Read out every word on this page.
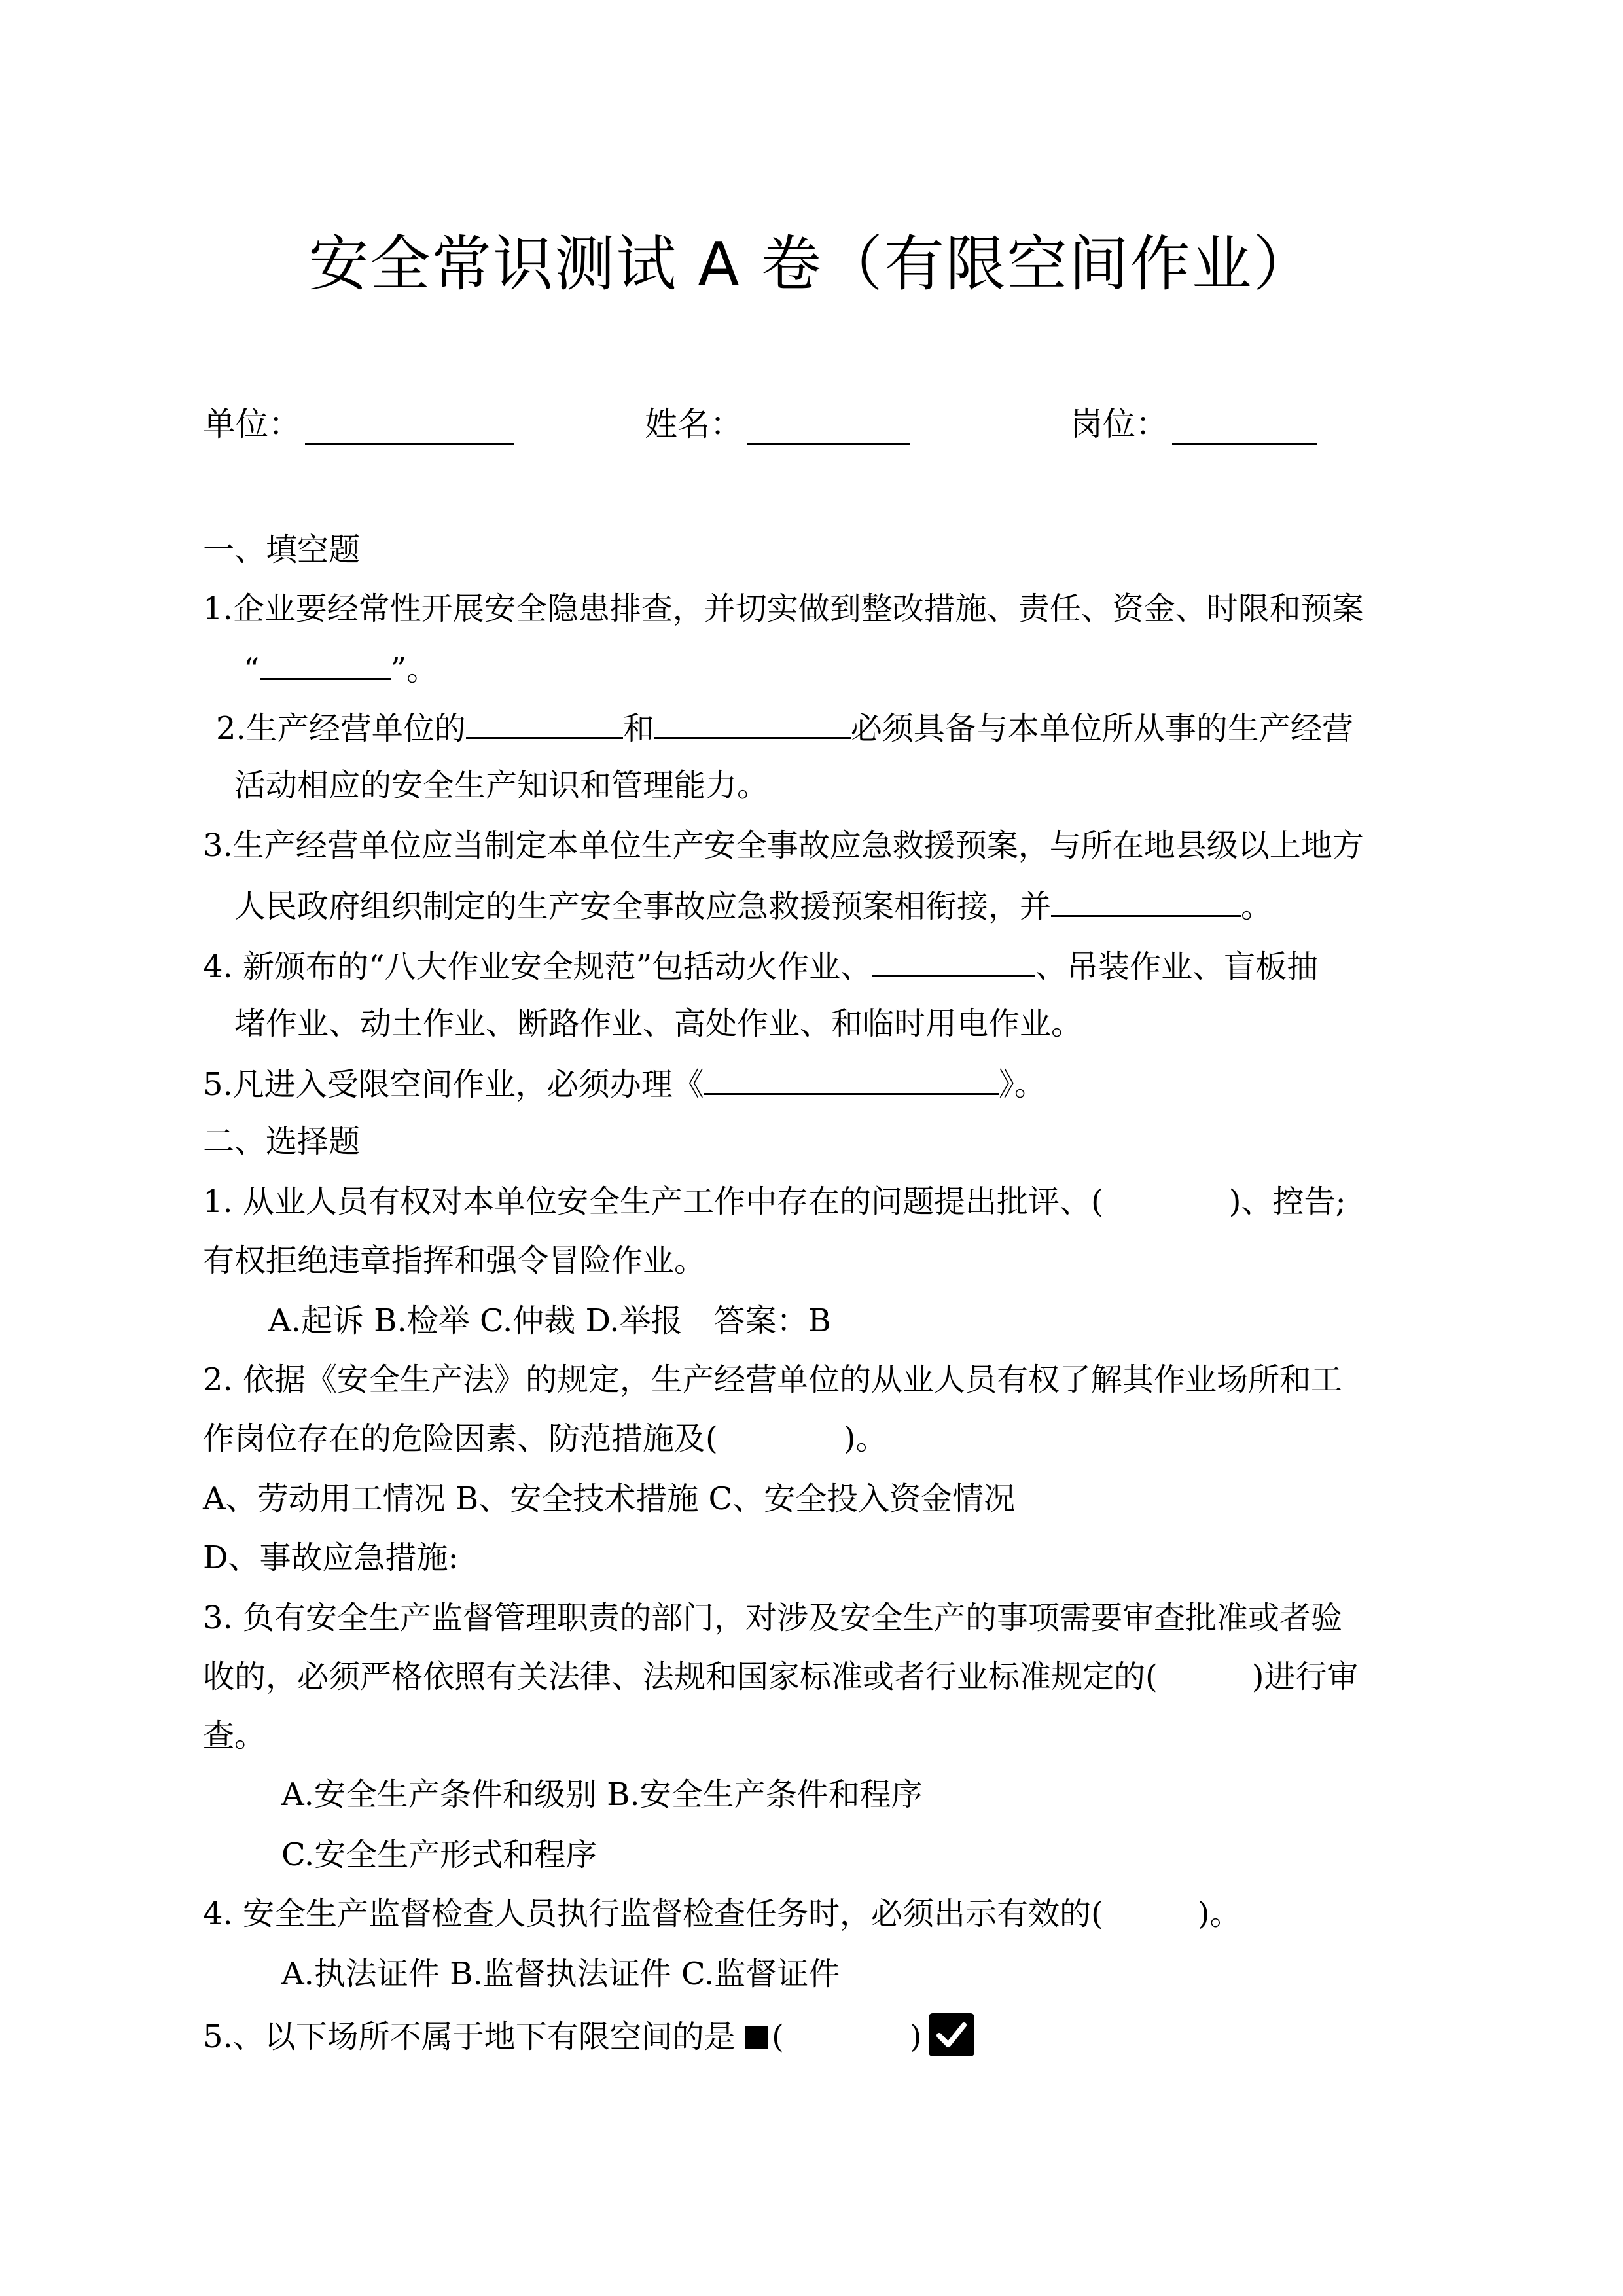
安全常识测试 A 卷（有限空间作业）
单位：	姓名：	岗位：
一、填空题
1.企业要经常性开展安全隐患排查，并切实做到整改措施、责任、资金、时限和预案
“	”。
2.生产经营单位的	和	必须具备与本单位所从事的生产经营
活动相应的安全生产知识和管理能力。
3.生产经营单位应当制定本单位生产安全事故应急救援预案，与所在地县级以上地方
人民政府组织制定的生产安全事故应急救援预案相衔接，并	。
4. 新颁布的“八大作业安全规范”包括动火作业、	、吊装作业、盲板抽
堵作业、动土作业、断路作业、高处作业、和临时用电作业。
5.凡进入受限空间作业，必须办理《	》。
二、选择题
1. 从业人员有权对本单位安全生产工作中存在的问题提出批评、(　　　　)、控告;
有权拒绝违章指挥和强令冒险作业。
A.起诉 B.检举 C.仲裁 D.举报　答案：B
2. 依据《安全生产法》的规定，生产经营单位的从业人员有权了解其作业场所和工
作岗位存在的危险因素、防范措施及(　　　　)。
A、劳动用工情况 B、安全技术措施 C、安全投入资金情况
D、事故应急措施:
3. 负有安全生产监督管理职责的部门，对涉及安全生产的事项需要审查批准或者验
收的，必须严格依照有关法律、法规和国家标准或者行业标准规定的(　　　)进行审
查。
A.安全生产条件和级别 B.安全生产条件和程序
C.安全生产形式和程序
4. 安全生产监督检查人员执行监督检查任务时，必须出示有效的(　　　)。
A.执法证件 B.监督执法证件 C.监督证件
5.、以下场所不属于地下有限空间的是 (　　　　)
